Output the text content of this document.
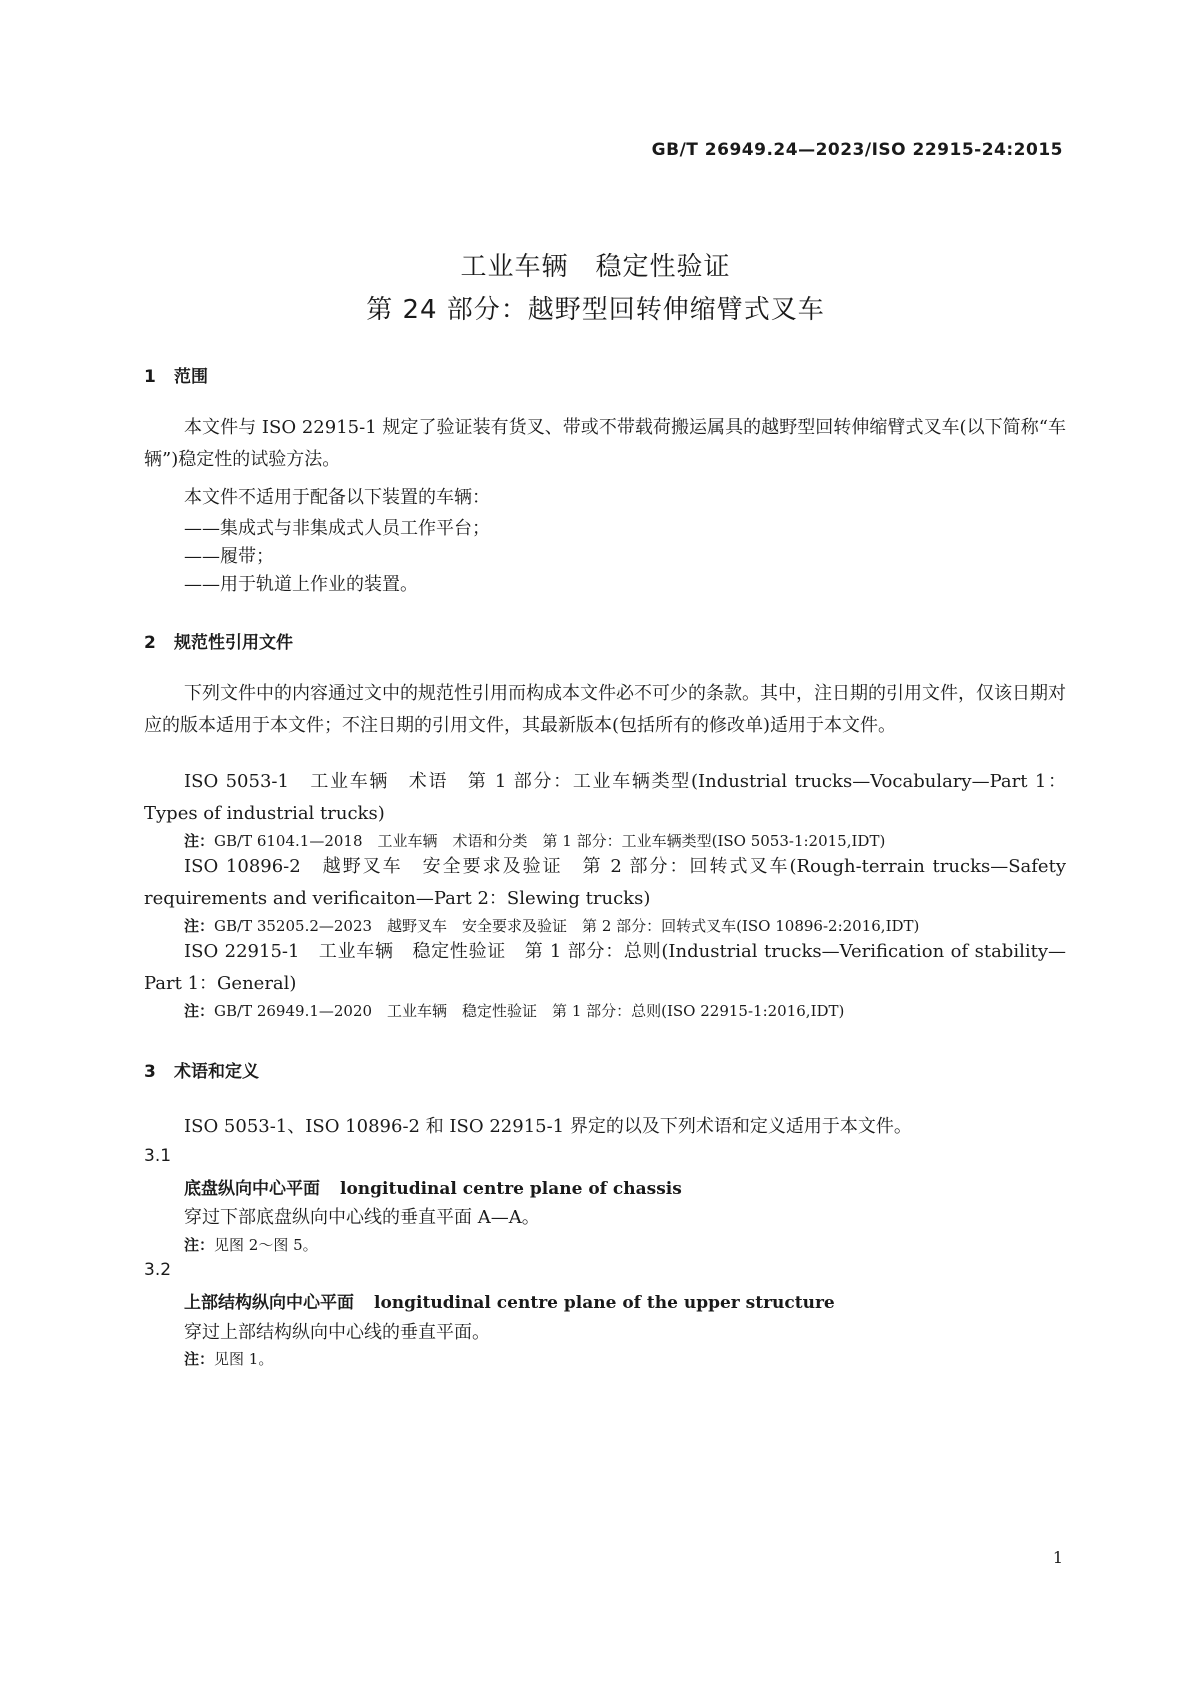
GB/T 26949.24—2023/ISO 22915-24:2015
工业车辆　稳定性验证
第 24 部分：越野型回转伸缩臂式叉车
1 范围
本文件与 ISO 22915-1 规定了验证装有货叉、带或不带载荷搬运属具的越野型回转伸缩臂式叉车(以下简称“车辆”)稳定性的试验方法。
本文件不适用于配备以下装置的车辆：
——集成式与非集成式人员工作平台；
——履带；
——用于轨道上作业的装置。
2 规范性引用文件
下列文件中的内容通过文中的规范性引用而构成本文件必不可少的条款。其中，注日期的引用文件，仅该日期对应的版本适用于本文件；不注日期的引用文件，其最新版本(包括所有的修改单)适用于本文件。
ISO 5053-1　工业车辆　术语　第 1 部分：工业车辆类型(Industrial trucks—Vocabulary—Part 1：Types of industrial trucks)
注：GB/T 6104.1—2018　工业车辆　术语和分类　第 1 部分：工业车辆类型(ISO 5053-1:2015,IDT)
ISO 10896-2　越野叉车　安全要求及验证　第 2 部分：回转式叉车(Rough-terrain trucks—Safety requirements and verificaiton—Part 2：Slewing trucks)
注：GB/T 35205.2—2023　越野叉车　安全要求及验证　第 2 部分：回转式叉车(ISO 10896-2:2016,IDT)
ISO 22915-1　工业车辆　稳定性验证　第 1 部分：总则(Industrial trucks—Verification of stability—Part 1：General)
注：GB/T 26949.1—2020　工业车辆　稳定性验证　第 1 部分：总则(ISO 22915-1:2016,IDT)
3 术语和定义
ISO 5053-1、ISO 10896-2 和 ISO 22915-1 界定的以及下列术语和定义适用于本文件。
3.1
底盘纵向中心平面 longitudinal centre plane of chassis
穿过下部底盘纵向中心线的垂直平面 A—A。
注：见图 2～图 5。
3.2
上部结构纵向中心平面 longitudinal centre plane of the upper structure
穿过上部结构纵向中心线的垂直平面。
注：见图 1。
1
